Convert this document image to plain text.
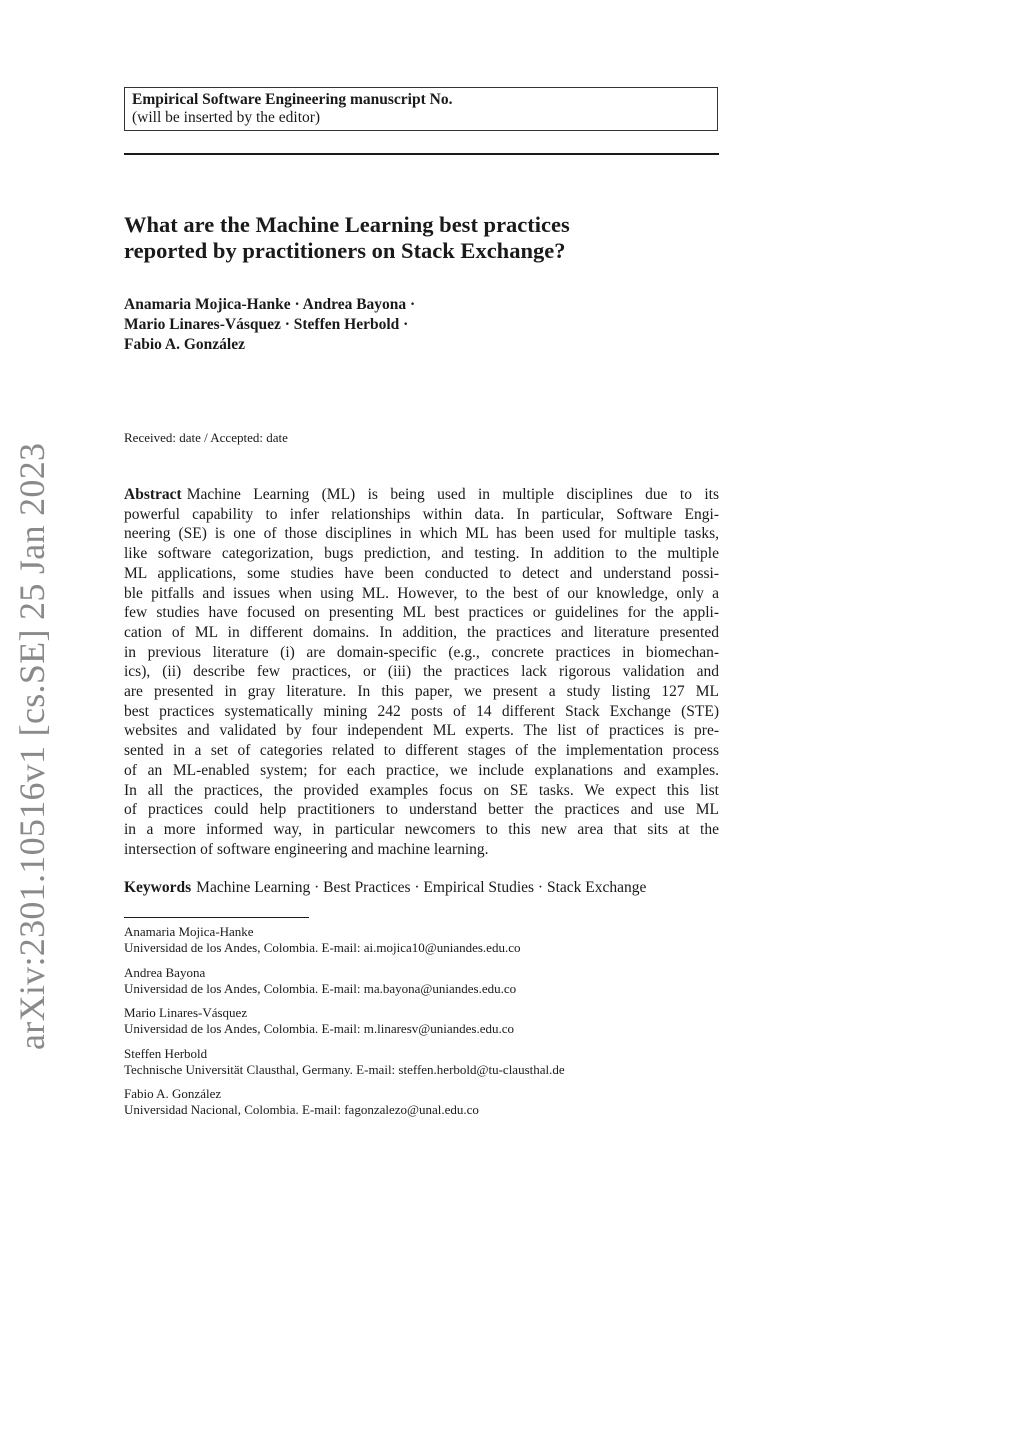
arXiv:2301.10516v1 [cs.SE] 25 Jan 2023
Empirical Software Engineering manuscript No.
(will be inserted by the editor)
What are the Machine Learning best practices
reported by practitioners on Stack Exchange?
Anamaria Mojica-Hanke · Andrea Bayona ·
Mario Linares-Vásquez · Steffen Herbold ·
Fabio A. González
Received: date / Accepted: date
Abstract Machine Learning (ML) is being used in multiple disciplines due to its
powerful capability to infer relationships within data. In particular, Software Engi-
neering (SE) is one of those disciplines in which ML has been used for multiple tasks,
like software categorization, bugs prediction, and testing. In addition to the multiple
ML applications, some studies have been conducted to detect and understand possi-
ble pitfalls and issues when using ML. However, to the best of our knowledge, only a
few studies have focused on presenting ML best practices or guidelines for the appli-
cation of ML in different domains. In addition, the practices and literature presented
in previous literature (i) are domain-specific (e.g., concrete practices in biomechan-
ics), (ii) describe few practices, or (iii) the practices lack rigorous validation and
are presented in gray literature. In this paper, we present a study listing 127 ML
best practices systematically mining 242 posts of 14 different Stack Exchange (STE)
websites and validated by four independent ML experts. The list of practices is pre-
sented in a set of categories related to different stages of the implementation process
of an ML-enabled system; for each practice, we include explanations and examples.
In all the practices, the provided examples focus on SE tasks. We expect this list
of practices could help practitioners to understand better the practices and use ML
in a more informed way, in particular newcomers to this new area that sits at the
intersection of software engineering and machine learning.
Keywords Machine Learning · Best Practices · Empirical Studies · Stack Exchange
Anamaria Mojica-Hanke
Universidad de los Andes, Colombia. E-mail: ai.mojica10@uniandes.edu.co
Andrea Bayona
Universidad de los Andes, Colombia. E-mail: ma.bayona@uniandes.edu.co
Mario Linares-Vásquez
Universidad de los Andes, Colombia. E-mail: m.linaresv@uniandes.edu.co
Steffen Herbold
Technische Universität Clausthal, Germany. E-mail: steffen.herbold@tu-clausthal.de
Fabio A. González
Universidad Nacional, Colombia. E-mail: fagonzalezo@unal.edu.co
